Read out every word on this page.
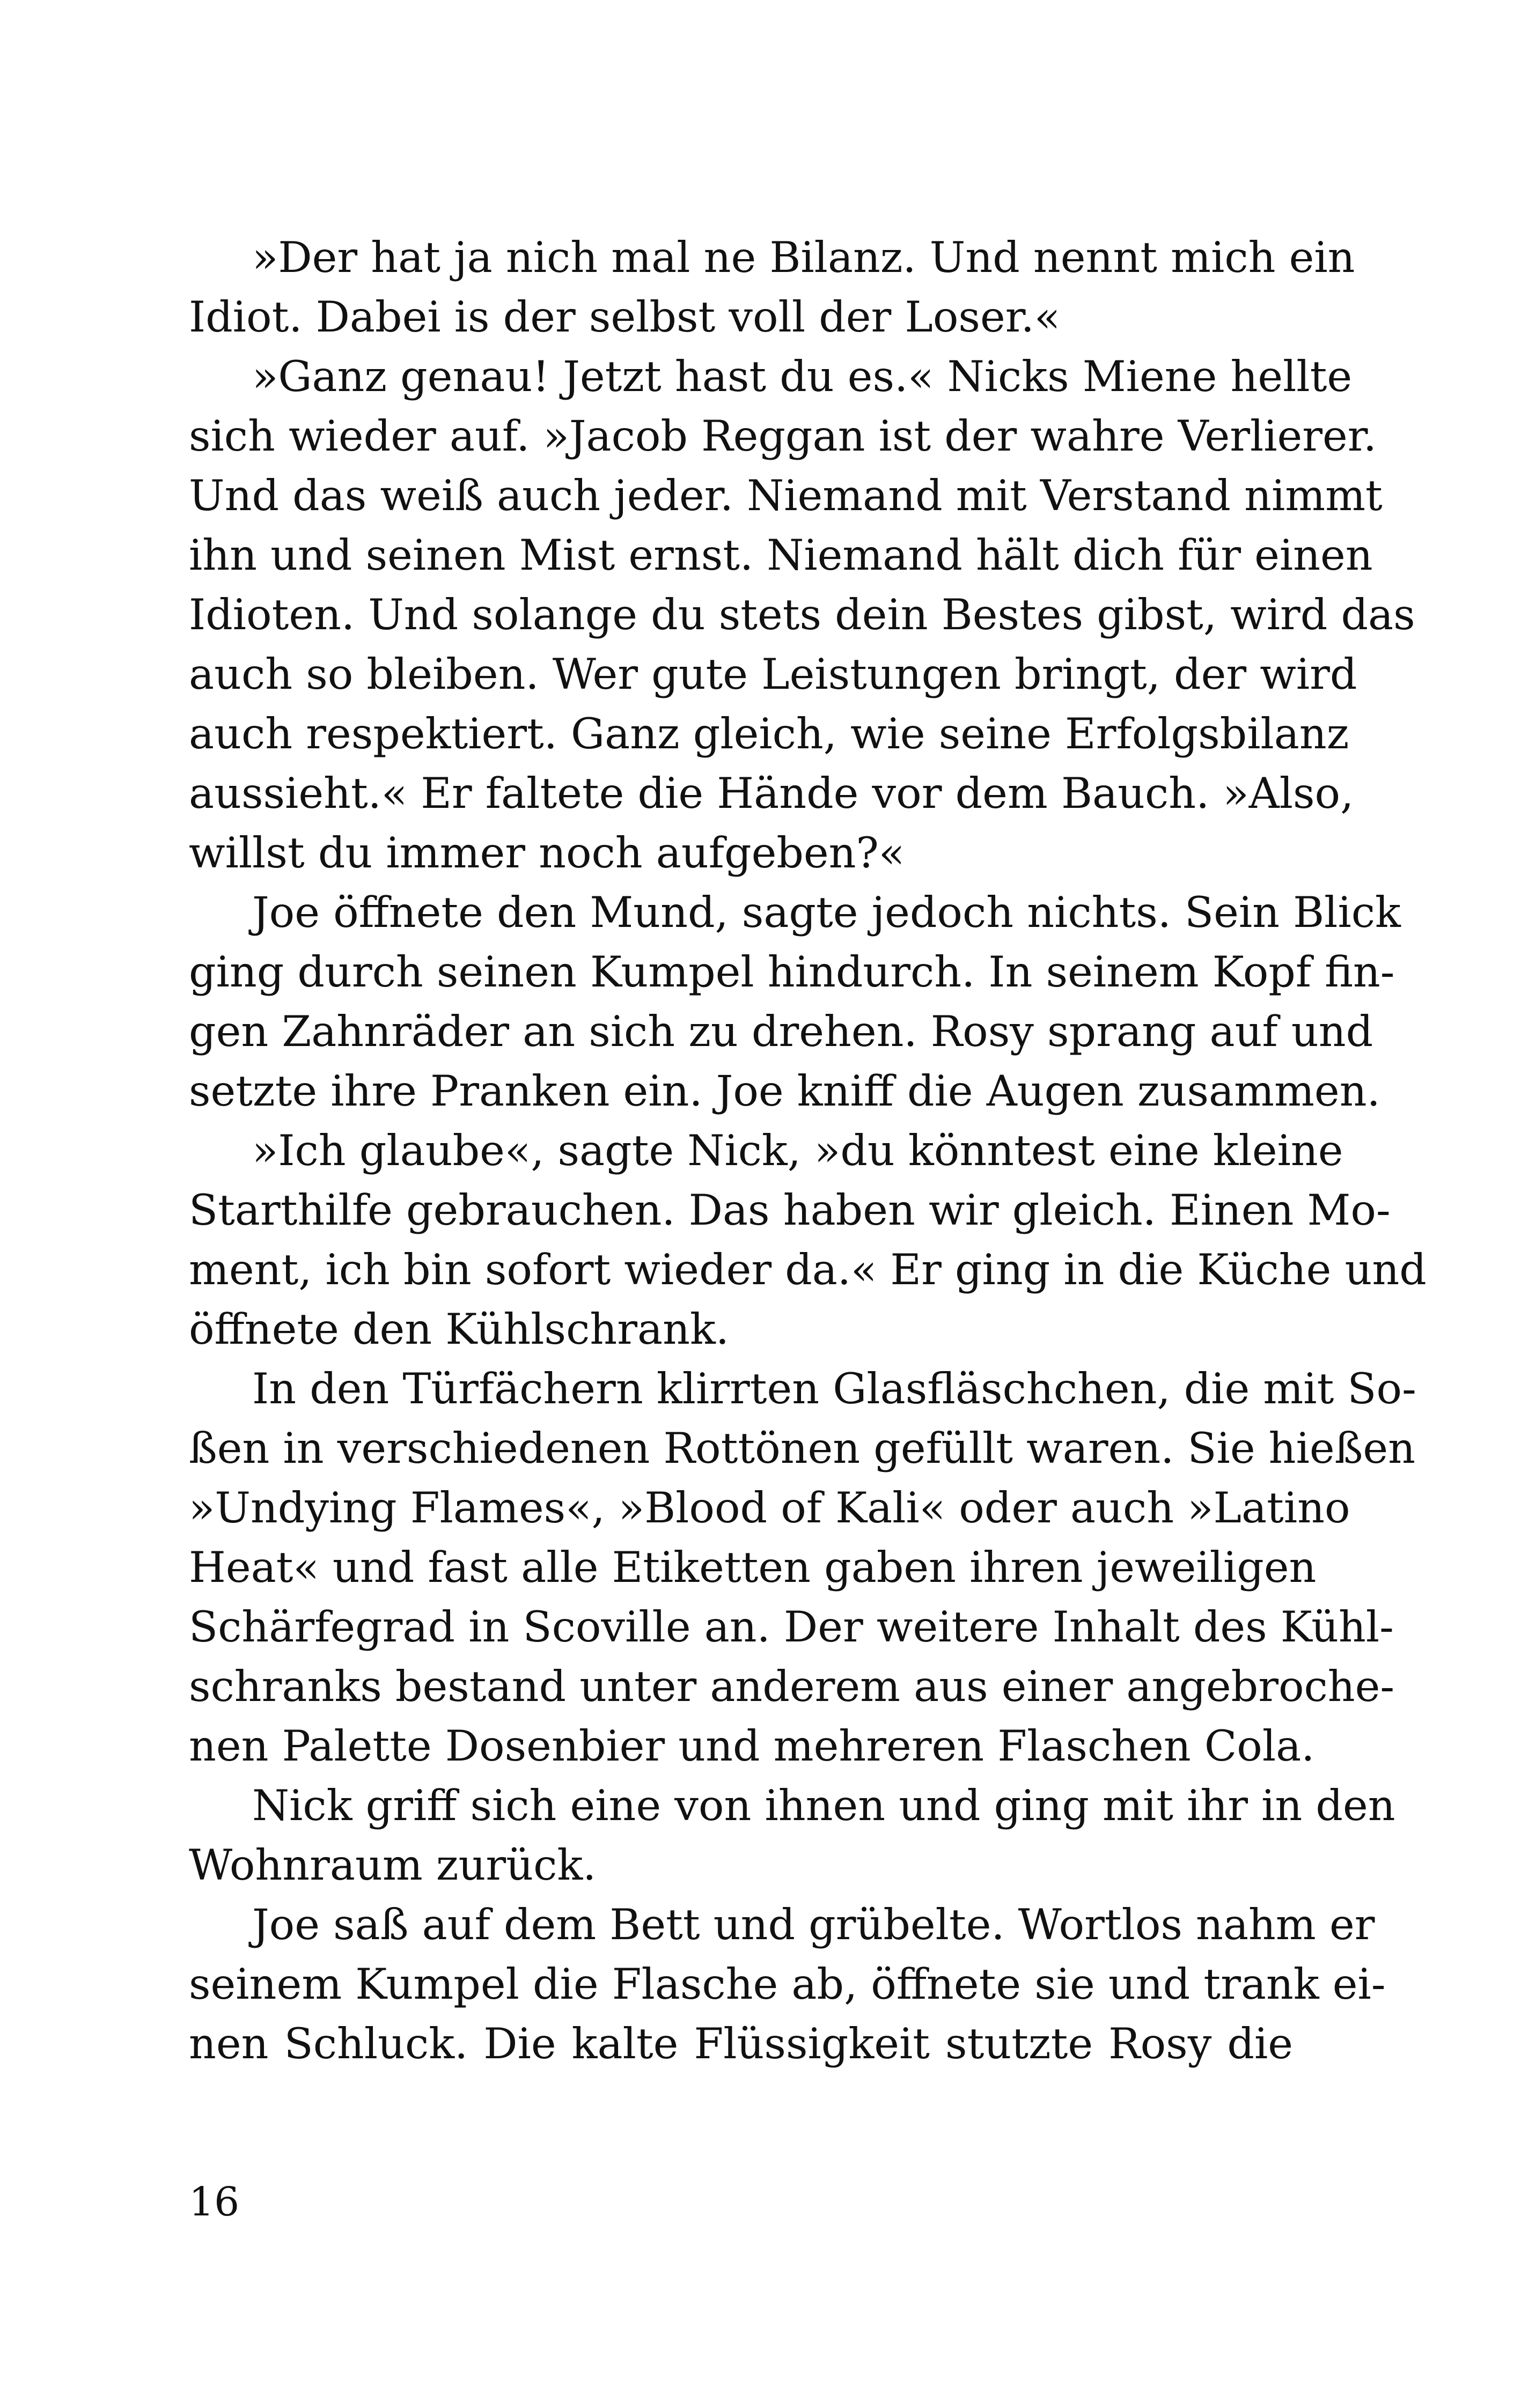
»Der hat ja nich mal ne Bilanz. Und nennt mich ein
Idiot. Dabei is der selbst voll der Loser.«
»Ganz genau! Jetzt hast du es.« Nicks Miene hellte
sich wieder auf. »Jacob Reggan ist der wahre Verlierer.
Und das weiß auch jeder. Niemand mit Verstand nimmt
ihn und seinen Mist ernst. Niemand hält dich für einen
Idioten. Und solange du stets dein Bestes gibst, wird das
auch so bleiben. Wer gute Leistungen bringt, der wird
auch respektiert. Ganz gleich, wie seine Erfolgsbilanz
aussieht.« Er faltete die Hände vor dem Bauch. »Also,
willst du immer noch aufgeben?«
Joe öffnete den Mund, sagte jedoch nichts. Sein Blick
ging durch seinen Kumpel hindurch. In seinem Kopf fin-
gen Zahnräder an sich zu drehen. Rosy sprang auf und
setzte ihre Pranken ein. Joe kniff die Augen zusammen.
»Ich glaube«, sagte Nick, »du könntest eine kleine
Starthilfe gebrauchen. Das haben wir gleich. Einen Mo-
ment, ich bin sofort wieder da.« Er ging in die Küche und
öffnete den Kühlschrank.
In den Türfächern klirrten Glasfläschchen, die mit So-
ßen in verschiedenen Rottönen gefüllt waren. Sie hießen
»Undying Flames«, »Blood of Kali« oder auch »Latino
Heat« und fast alle Etiketten gaben ihren jeweiligen
Schärfegrad in Scoville an. Der weitere Inhalt des Kühl-
schranks bestand unter anderem aus einer angebroche-
nen Palette Dosenbier und mehreren Flaschen Cola.
Nick griff sich eine von ihnen und ging mit ihr in den
Wohnraum zurück.
Joe saß auf dem Bett und grübelte. Wortlos nahm er
seinem Kumpel die Flasche ab, öffnete sie und trank ei-
nen Schluck. Die kalte Flüssigkeit stutzte Rosy die
16
